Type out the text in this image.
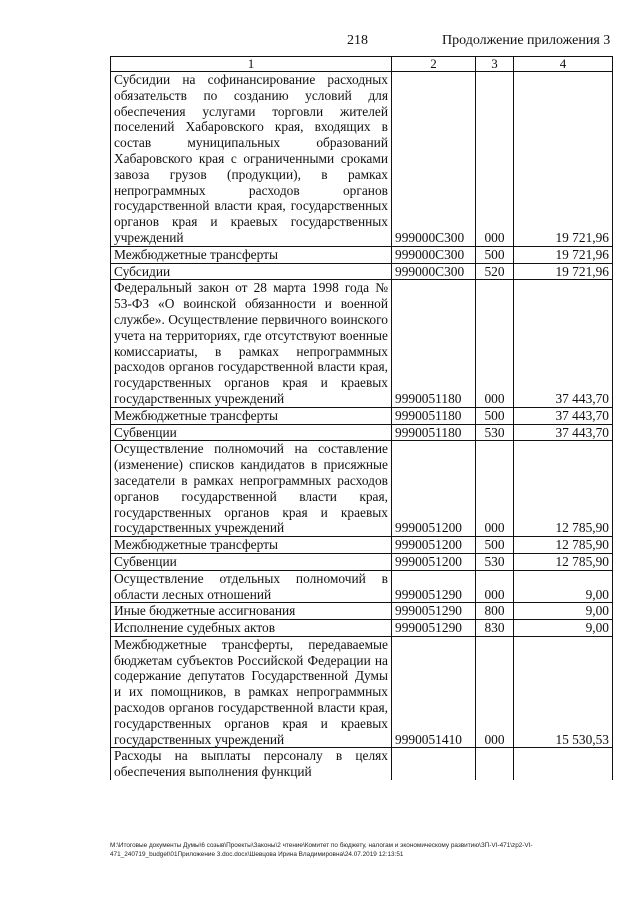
218	Продолжение приложения 3
1	2	3	4
Субсидии на софинансирование расходных обязательств по созданию условий для обеспечения услугами торговли жителей поселений Хабаровского края, входящих в состав муниципальных образований Хабаровского края с ограниченными сроками завоза грузов (продукции), в рамках непрограммных расходов органов государственной власти края, государственных органов края и краевых государственных учреждений	999000С300	000	19 721,96
Межбюджетные трансферты	999000С300	500	19 721,96
Субсидии	999000С300	520	19 721,96
Федеральный закон от 28 марта 1998 года № 53-ФЗ «О воинской обязанности и военной службе». Осуществление первичного воинского учета на территориях, где отсутствуют военные комиссариаты, в рамках непрограммных расходов органов государственной власти края, государственных органов края и краевых государственных учреждений	9990051180	000	37 443,70
Межбюджетные трансферты	9990051180	500	37 443,70
Субвенции	9990051180	530	37 443,70
Осуществление полномочий на составление (изменение) списков кандидатов в присяжные заседатели в рамках непрограммных расходов органов государственной власти края, государственных органов края и краевых государственных учреждений	9990051200	000	12 785,90
Межбюджетные трансферты	9990051200	500	12 785,90
Субвенции	9990051200	530	12 785,90
Осуществление отдельных полномочий в области лесных отношений	9990051290	000	9,00
Иные бюджетные ассигнования	9990051290	800	9,00
Исполнение судебных актов	9990051290	830	9,00
Межбюджетные трансферты, передаваемые бюджетам субъектов Российской Федерации на содержание депутатов Государственной Думы и их помощников, в рамках непрограммных расходов органов государственной власти края, государственных органов края и краевых государственных учреждений	9990051410	000	15 530,53
Расходы на выплаты персоналу в целях обеспечения выполнения функций			
M:\Итоговые документы Думы\6 созыв\Проекты\Законы\2 чтение\Комитет по бюджету, налогам и экономическому развитию\ЗП-VI-471\zp2-VI-471_240719_budget\01Приложение 3.doc.docx\Шевцова Ирина Владимировна\24.07.2019 12:13:51
